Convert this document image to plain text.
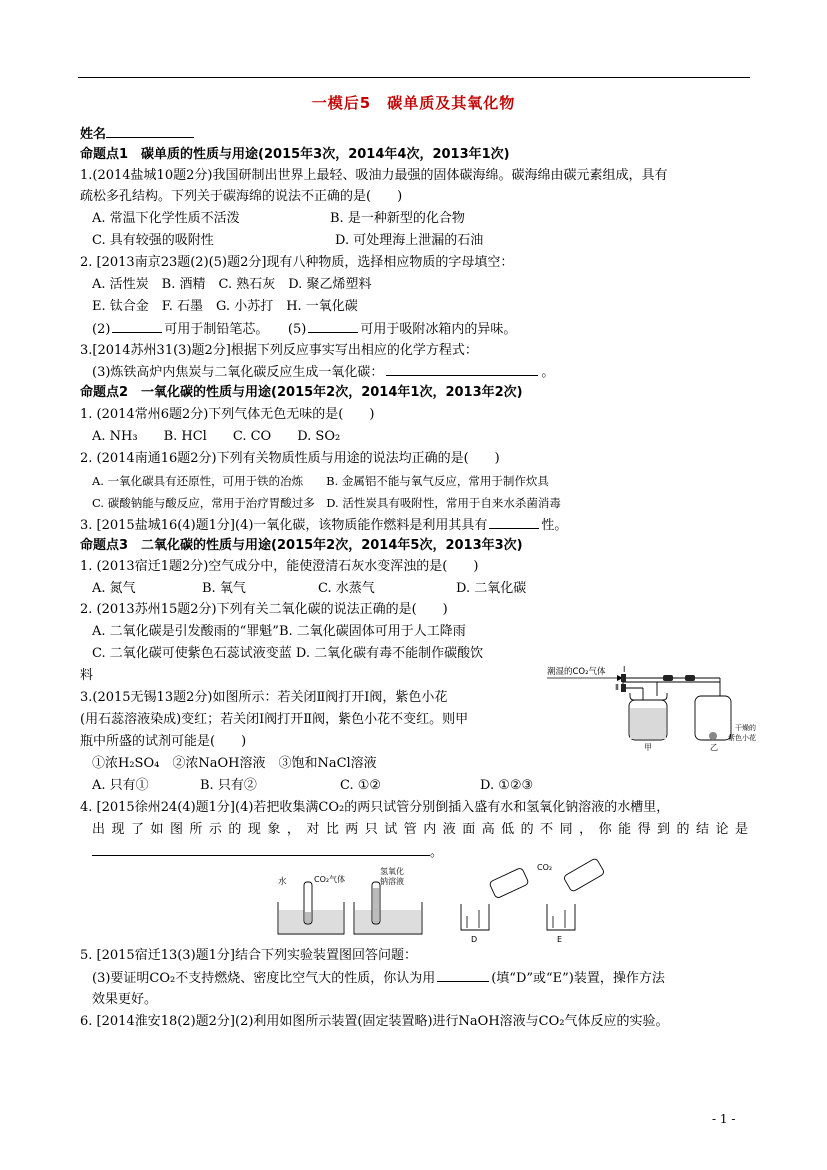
一模后5　碳单质及其氧化物
姓名
命题点1　碳单质的性质与用途(2015年3次，2014年4次，2013年1次)
1.(2014盐城10题2分)我国研制出世界上最轻、吸油力最强的固体碳海绵。碳海绵由碳元素组成，具有
疏松多孔结构。下列关于碳海绵的说法不正确的是(　　)
A. 常温下化学性质不活泼	B. 是一种新型的化合物
C. 具有较强的吸附性	D. 可处理海上泄漏的石油
2. [2013南京23题(2)(5)题2分]现有八种物质，选择相应物质的字母填空：
A. 活性炭　B. 酒精　C. 熟石灰　D. 聚乙烯塑料
E. 钛合金　F. 石墨　G. 小苏打　H. 一氧化碳
(2)	可用于制铅笔芯。　　(5)	可用于吸附冰箱内的异味。
3.[2014苏州31(3)题2分]根据下列反应事实写出相应的化学方程式：
(3)炼铁高炉内焦炭与二氧化碳反应生成一氧化碳：	。
命题点2　一氧化碳的性质与用途(2015年2次，2014年1次，2013年2次)
1. (2014常州6题2分)下列气体无色无味的是(　　)
A. NH₃　　B. HCl　　C. CO　　D. SO₂
2. (2014南通16题2分)下列有关物质性质与用途的说法均正确的是(　　)
A. 一氧化碳具有还原性，可用于铁的冶炼　　B. 金属铝不能与氧气反应，常用于制作炊具
C. 碳酸钠能与酸反应，常用于治疗胃酸过多　D. 活性炭具有吸附性，常用于自来水杀菌消毒
3. [2015盐城16(4)题1分](4)一氧化碳，该物质能作燃料是利用其具有	性。
命题点3　二氧化碳的性质与用途(2015年2次，2014年5次，2013年3次)
1. (2013宿迁1题2分)空气成分中，能使澄清石灰水变浑浊的是(　　)
A. 氮气	B. 氧气	C. 水蒸气	D. 二氧化碳
2. (2013苏州15题2分)下列有关二氧化碳的说法正确的是(　　)
A. 二氧化碳是引发酸雨的“罪魁”B. 二氧化碳固体可用于人工降雨
C. 二氧化碳可使紫色石蕊试液变蓝 D. 二氧化碳有毒不能制作碳酸饮
料
3.(2015无锡13题2分)如图所示：若关闭Ⅱ阀打开Ⅰ阀，紫色小花
(用石蕊溶液染成)变红；若关闭Ⅰ阀打开Ⅱ阀，紫色小花不变红。则甲
瓶中所盛的试剂可能是(　　)
①浓H₂SO₄　②浓NaOH溶液　③饱和NaCl溶液
A. 只有①	B. 只有②	C. ①②	D. ①②③
潮湿的CO₂气体 Ⅰ
Ⅱ
甲	乙
干燥的
紫色小花
4. [2015徐州24(4)题1分](4)若把收集满CO₂的两只试管分别倒插入盛有水和氢氧化钠溶液的水槽里，
出现了如图所示的现象，对比两只试管内液面高低的不同，你能得到的结论是
。
水	CO₂气体
氢氧化
钠溶液
CO₂
D	E
5. [2015宿迁13(3)题1分]结合下列实验装置图回答问题：
(3)要证明CO₂不支持燃烧、密度比空气大的性质，你认为用	(填“D”或“E”)装置，操作方法
效果更好。
6. [2014淮安18(2)题2分](2)利用如图所示装置(固定装置略)进行NaOH溶液与CO₂气体反应的实验。
- 1 -
